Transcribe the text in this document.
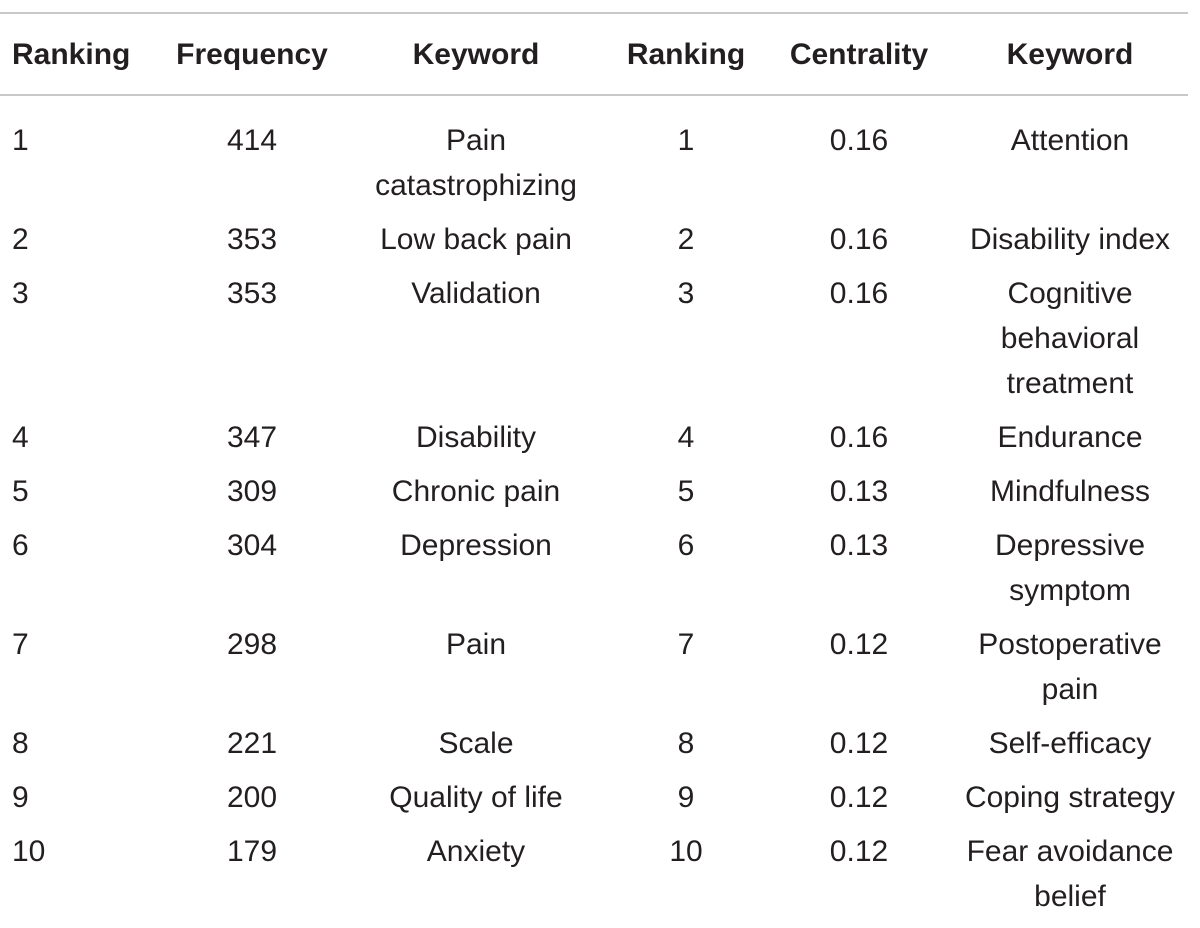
Ranking	Frequency	Keyword	Ranking	Centrality	Keyword
1	414	Pain catastrophizing	1	0.16	Attention
2	353	Low back pain	2	0.16	Disability index
3	353	Validation	3	0.16	Cognitive behavioral treatment
4	347	Disability	4	0.16	Endurance
5	309	Chronic pain	5	0.13	Mindfulness
6	304	Depression	6	0.13	Depressive symptom
7	298	Pain	7	0.12	Postoperative pain
8	221	Scale	8	0.12	Self-efficacy
9	200	Quality of life	9	0.12	Coping strategy
10	179	Anxiety	10	0.12	Fear avoidance belief
